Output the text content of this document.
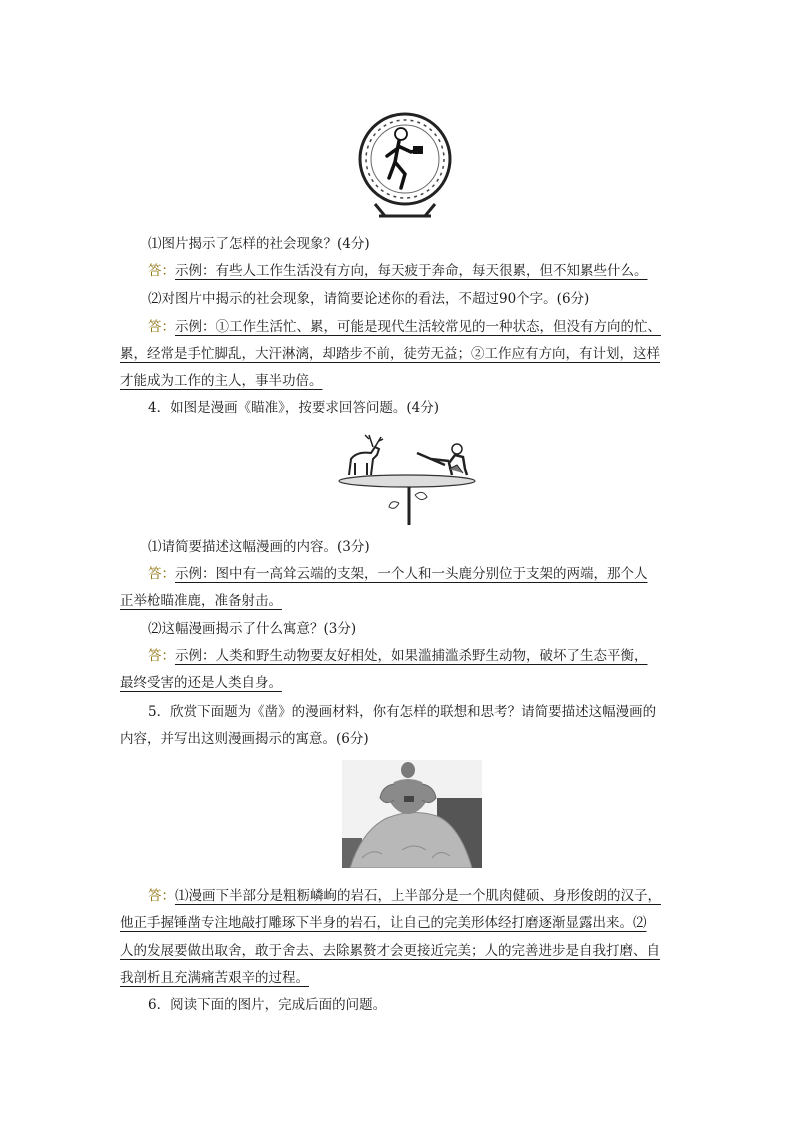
⑴图片揭示了怎样的社会现象？(4分)
答：示例：有些人工作生活没有方向，每天疲于奔命，每天很累，但不知累些什么。
⑵对图片中揭示的社会现象，请简要论述你的看法，不超过90个字。(6分)
答：示例：①工作生活忙、累，可能是现代生活较常见的一种状态，但没有方向的忙、
累，经常是手忙脚乱，大汗淋漓，却踏步不前，徒劳无益；②工作应有方向，有计划，这样
才能成为工作的主人，事半功倍。
4．如图是漫画《瞄准》，按要求回答问题。(4分)
⑴请简要描述这幅漫画的内容。(3分)
答：示例：图中有一高耸云端的支架，一个人和一头鹿分别位于支架的两端，那个人
正举枪瞄准鹿，准备射击。
⑵这幅漫画揭示了什么寓意？(3分)
答：示例：人类和野生动物要友好相处，如果滥捕滥杀野生动物，破坏了生态平衡，
最终受害的还是人类自身。
5．欣赏下面题为《凿》的漫画材料，你有怎样的联想和思考？请简要描述这幅漫画的
内容，并写出这则漫画揭示的寓意。(6分)
答：⑴漫画下半部分是粗粝嶙峋的岩石，上半部分是一个肌肉健硕、身形俊朗的汉子，
他正手握锤凿专注地敲打雕琢下半身的岩石，让自己的完美形体经打磨逐渐显露出来。⑵
人的发展要做出取舍，敢于舍去、去除累赘才会更接近完美；人的完善进步是自我打磨、自
我剖析且充满痛苦艰辛的过程。
6．阅读下面的图片，完成后面的问题。
